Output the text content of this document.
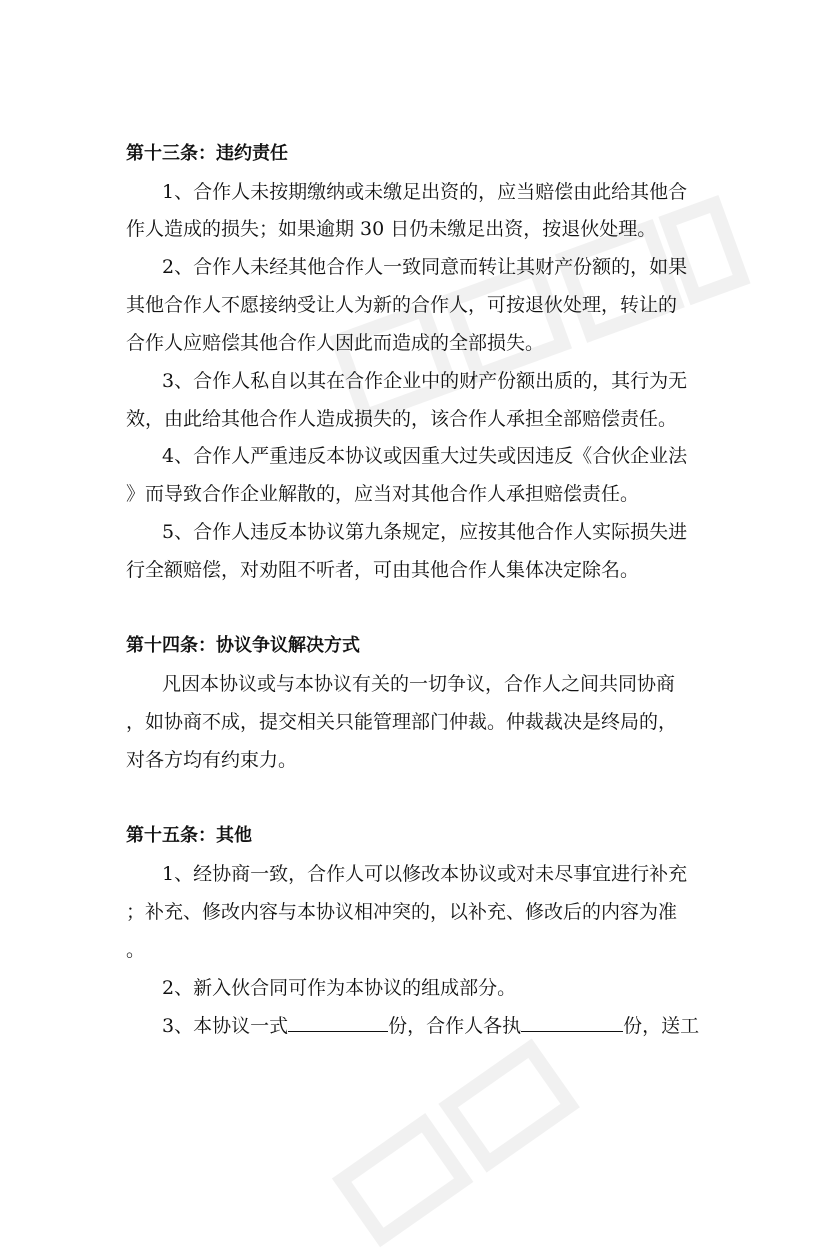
第十三条：违约责任
1、合作人未按期缴纳或未缴足出资的，应当赔偿由此给其他合
作人造成的损失；如果逾期 30 日仍未缴足出资，按退伙处理。
2、合作人未经其他合作人一致同意而转让其财产份额的，如果
其他合作人不愿接纳受让人为新的合作人，可按退伙处理，转让的
合作人应赔偿其他合作人因此而造成的全部损失。
3、合作人私自以其在合作企业中的财产份额出质的，其行为无
效，由此给其他合作人造成损失的，该合作人承担全部赔偿责任。
4、合作人严重违反本协议或因重大过失或因违反《合伙企业法
》而导致合作企业解散的，应当对其他合作人承担赔偿责任。
5、合作人违反本协议第九条规定，应按其他合作人实际损失进
行全额赔偿，对劝阻不听者，可由其他合作人集体决定除名。
第十四条：协议争议解决方式
凡因本协议或与本协议有关的一切争议，合作人之间共同协商
，如协商不成，提交相关只能管理部门仲裁。仲裁裁决是终局的，
对各方均有约束力。
第十五条：其他
1、经协商一致，合作人可以修改本协议或对未尽事宜进行补充
；补充、修改内容与本协议相冲突的，以补充、修改后的内容为准
。
2、新入伙合同可作为本协议的组成部分。
3、本协议一式	份，合作人各执	份，送工
